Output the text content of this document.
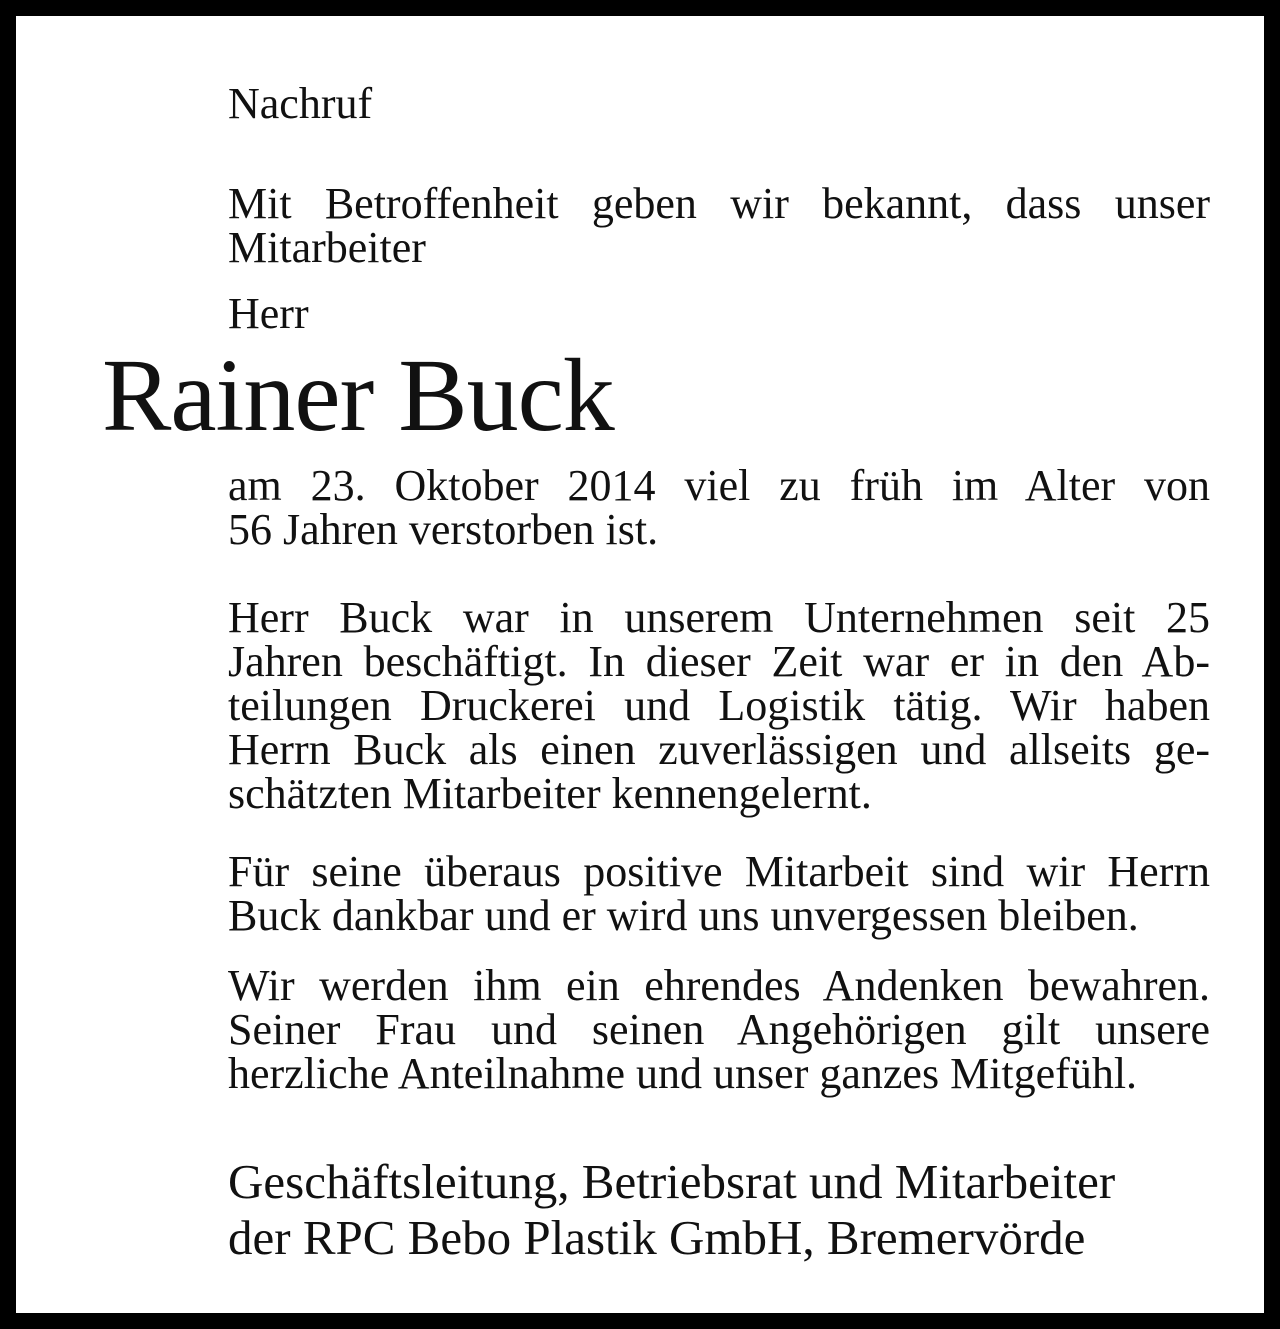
Nachruf
Mit Betroffenheit geben wir bekannt, dass unser
Mitarbeiter
Herr
Rainer Buck
am 23. Oktober 2014 viel zu früh im Alter von
56 Jahren verstorben ist.
Herr Buck war in unserem Unternehmen seit 25
Jahren beschäftigt. In dieser Zeit war er in den Ab-
teilungen Druckerei und Logistik tätig. Wir haben
Herrn Buck als einen zuverlässigen und allseits ge-
schätzten Mitarbeiter kennengelernt.
Für seine überaus positive Mitarbeit sind wir Herrn
Buck dankbar und er wird uns unvergessen bleiben.
Wir werden ihm ein ehrendes Andenken bewahren.
Seiner Frau und seinen Angehörigen gilt unsere
herzliche Anteilnahme und unser ganzes Mitgefühl.
Geschäftsleitung, Betriebsrat und Mitarbeiter
der RPC Bebo Plastik GmbH, Bremervörde
